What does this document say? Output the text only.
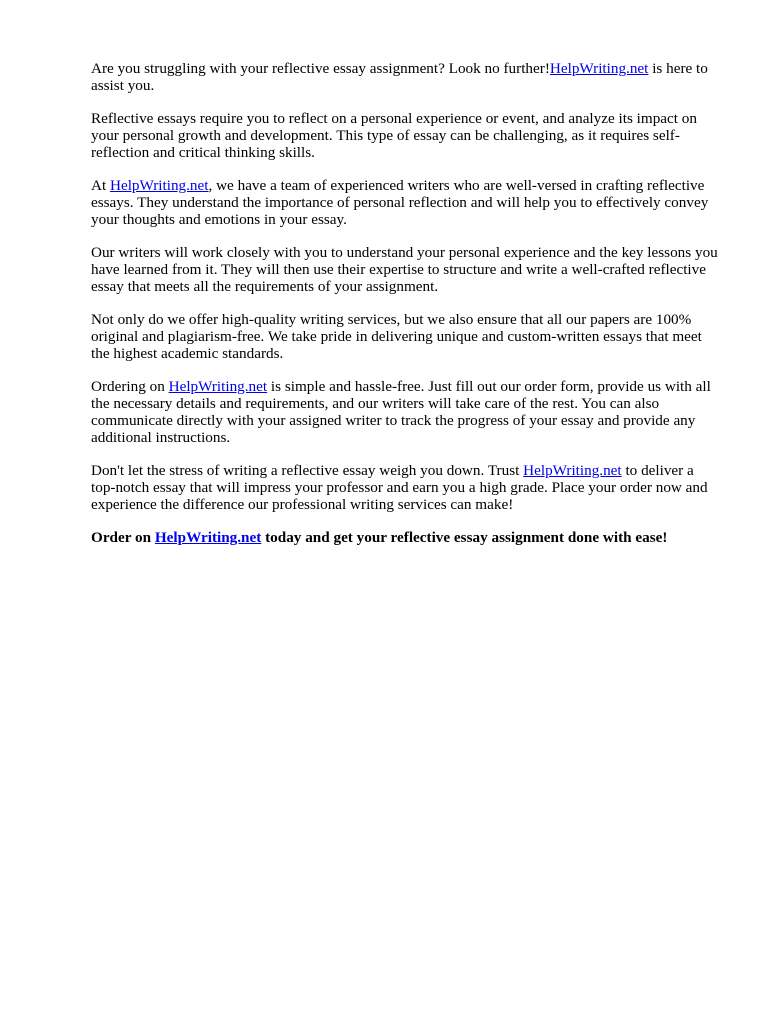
Are you struggling with your reflective essay assignment? Look no further!HelpWriting.net is here to assist you.

Reflective essays require you to reflect on a personal experience or event, and analyze its impact on your personal growth and development. This type of essay can be challenging, as it requires self-reflection and critical thinking skills.

At HelpWriting.net, we have a team of experienced writers who are well-versed in crafting reflective essays. They understand the importance of personal reflection and will help you to effectively convey your thoughts and emotions in your essay.

Our writers will work closely with you to understand your personal experience and the key lessons you have learned from it. They will then use their expertise to structure and write a well-crafted reflective essay that meets all the requirements of your assignment.

Not only do we offer high-quality writing services, but we also ensure that all our papers are 100% original and plagiarism-free. We take pride in delivering unique and custom-written essays that meet the highest academic standards.

Ordering on HelpWriting.net is simple and hassle-free. Just fill out our order form, provide us with all the necessary details and requirements, and our writers will take care of the rest. You can also communicate directly with your assigned writer to track the progress of your essay and provide any additional instructions.

Don't let the stress of writing a reflective essay weigh you down. Trust HelpWriting.net to deliver a top-notch essay that will impress your professor and earn you a high grade. Place your order now and experience the difference our professional writing services can make!

Order on HelpWriting.net today and get your reflective essay assignment done with ease!
